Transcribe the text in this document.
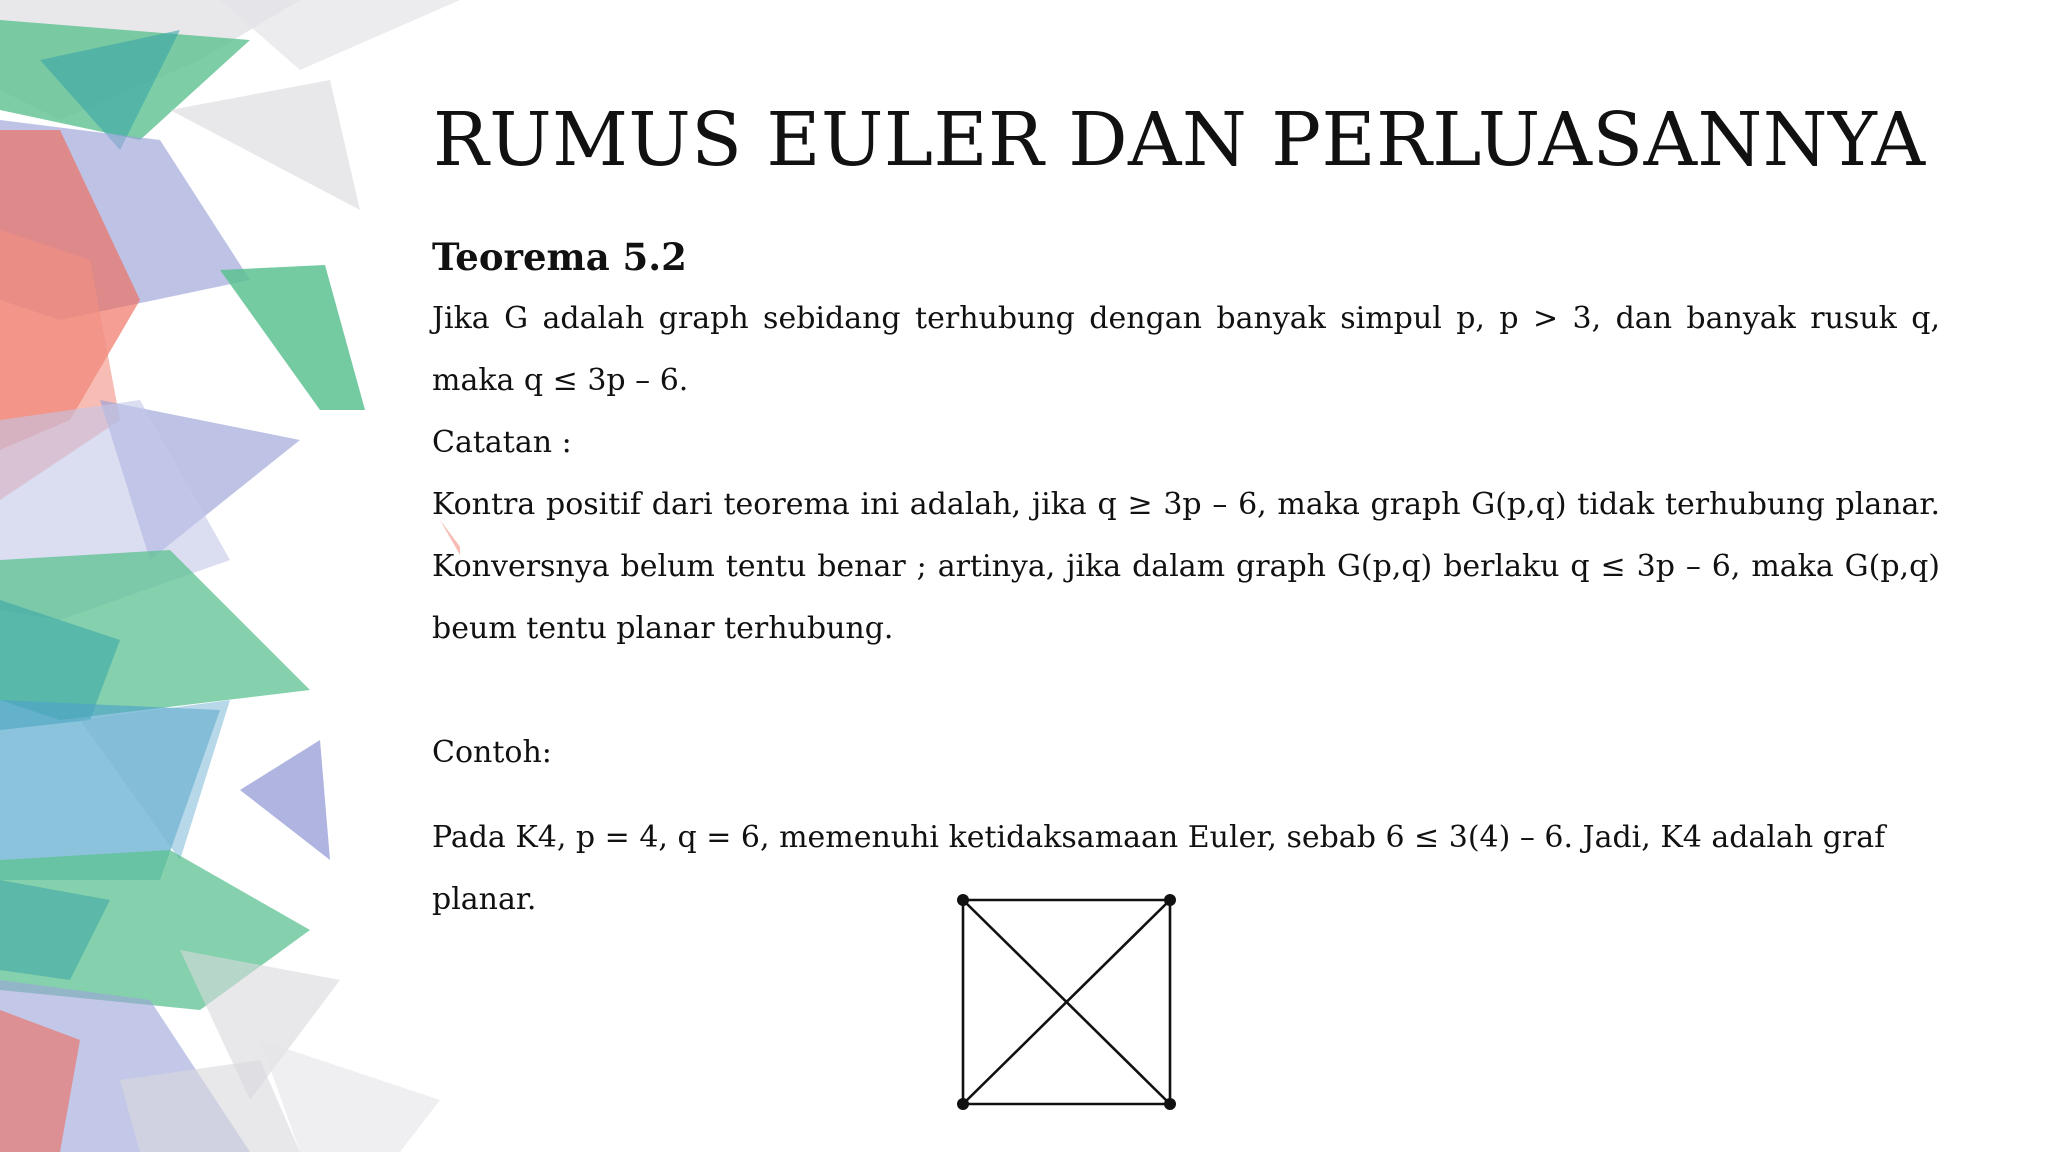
RUMUS EULER DAN PERLUASANNYA

Teorema 5.2

Jika G adalah graph sebidang terhubung dengan banyak simpul p, p > 3, dan banyak rusuk q, maka q ≤ 3p – 6.

Catatan :

Kontra positif dari teorema ini adalah, jika q ≥ 3p – 6, maka graph G(p,q) tidak terhubung planar. Konversnya belum tentu benar ; artinya, jika dalam graph G(p,q) berlaku q ≤ 3p – 6, maka G(p,q) beum tentu planar terhubung.

Contoh:

Pada K4, p = 4, q = 6, memenuhi ketidaksamaan Euler, sebab 6 ≤ 3(4) – 6. Jadi, K4 adalah graf planar.
